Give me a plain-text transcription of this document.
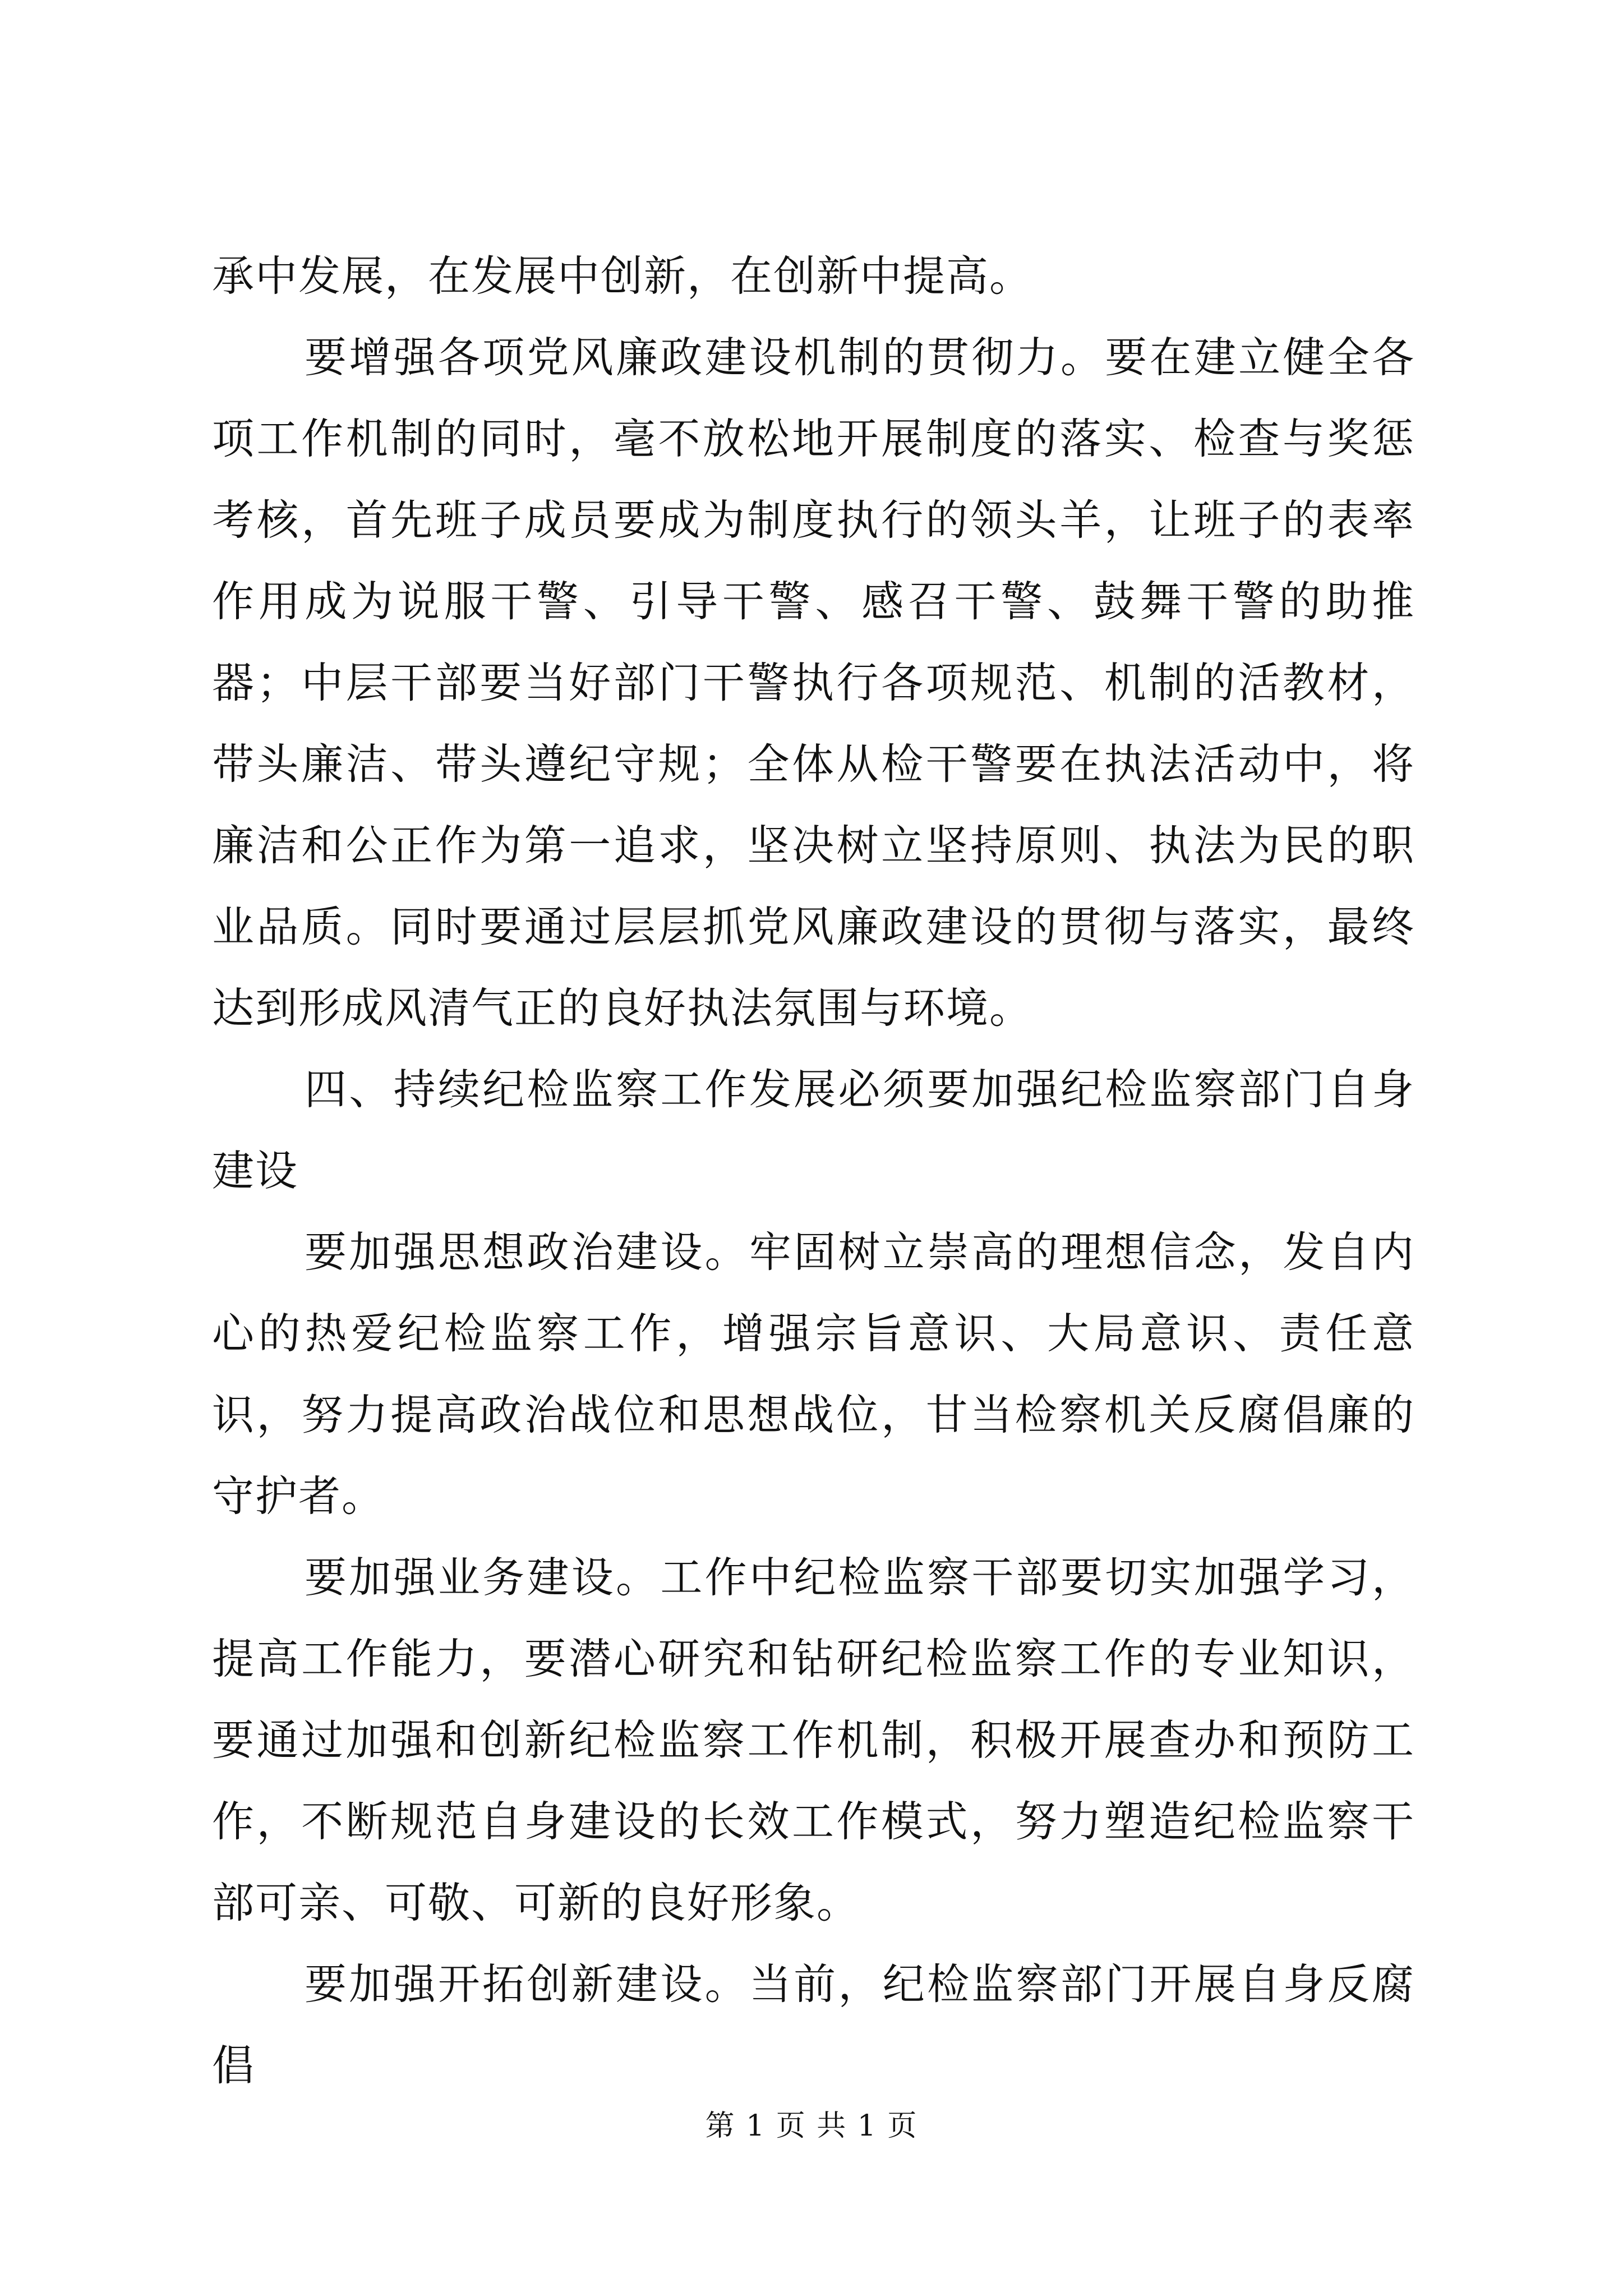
承中发展，在发展中创新，在创新中提高。

要增强各项党风廉政建设机制的贯彻力。要在建立健全各项工作机制的同时，毫不放松地开展制度的落实、检查与奖惩考核，首先班子成员要成为制度执行的领头羊，让班子的表率作用成为说服干警、引导干警、感召干警、鼓舞干警的助推器；中层干部要当好部门干警执行各项规范、机制的活教材，带头廉洁、带头遵纪守规；全体从检干警要在执法活动中，将廉洁和公正作为第一追求，坚决树立坚持原则、执法为民的职业品质。同时要通过层层抓党风廉政建设的贯彻与落实，最终达到形成风清气正的良好执法氛围与环境。

四、持续纪检监察工作发展必须要加强纪检监察部门自身建设

要加强思想政治建设。牢固树立崇高的理想信念，发自内心的热爱纪检监察工作，增强宗旨意识、大局意识、责任意识，努力提高政治战位和思想战位，甘当检察机关反腐倡廉的守护者。

要加强业务建设。工作中纪检监察干部要切实加强学习，提高工作能力，要潜心研究和钻研纪检监察工作的专业知识，要通过加强和创新纪检监察工作机制，积极开展查办和预防工作，不断规范自身建设的长效工作模式，努力塑造纪检监察干部可亲、可敬、可新的良好形象。

要加强开拓创新建设。当前，纪检监察部门开展自身反腐倡

第 1 页 共 1 页
